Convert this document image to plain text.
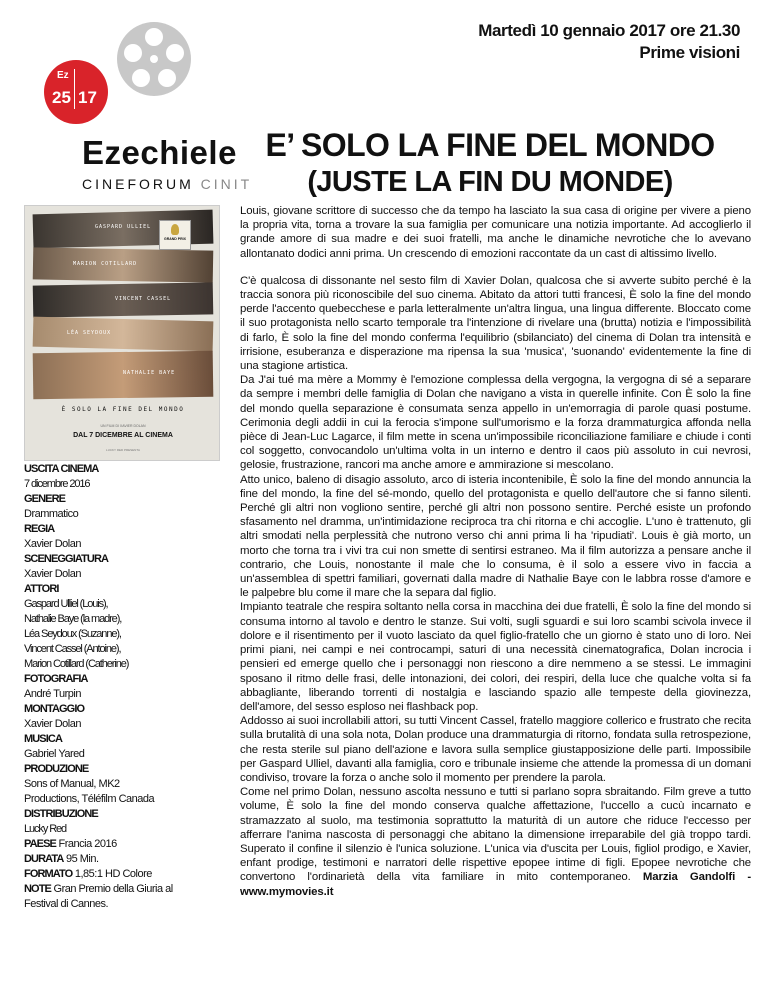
Martedì 10 gennaio 2017 ore 21.30
Prime visioni
Ez
25 17
Ezechiele
CINEFORUM CINIT
E’ SOLO LA FINE DEL MONDO
(JUSTE LA FIN DU MONDE)
GASPARD ULLIEL
MARION COTILLARD
VINCENT CASSEL
LÉA SEYDOUX
NATHALIE BAYE
GRAND PRIX
È SOLO LA FINE DEL MONDO
UN FILM DI XAVIER DOLAN
DAL 7 DICEMBRE AL CINEMA
LUCKY RED PRESENTA
USCITA CINEMA
7 dicembre 2016
GENERE
Drammatico
REGIA
Xavier Dolan
SCENEGGIATURA
Xavier Dolan
ATTORI
Gaspard Ulliel (Louis),
Nathalie Baye (la madre),
Léa Seydoux (Suzanne),
Vincent Cassel (Antoine),
Marion Cotillard (Catherine)
FOTOGRAFIA
André Turpin
MONTAGGIO
Xavier Dolan
MUSICA
Gabriel Yared
PRODUZIONE
Sons of Manual, MK2
Productions, Téléfilm Canada
DISTRIBUZIONE
Lucky Red
PAESE Francia 2016
DURATA 95 Min.
FORMATO 1,85:1 HD Colore
NOTE Gran Premio della Giuria al
Festival di Cannes.

Louis, giovane scrittore di successo che da tempo ha lasciato la sua casa di origine per vivere a pieno la propria vita, torna a trovare la sua famiglia per comunicare una notizia importante. Ad accoglierlo il grande amore di sua madre e dei suoi fratelli, ma anche le dinamiche nevrotiche che lo avevano allontanato dodici anni prima. Un crescendo di emozioni raccontate da un cast di altissimo livello.

C'è qualcosa di dissonante nel sesto film di Xavier Dolan, qualcosa che si avverte subito perché è la traccia sonora più riconoscibile del suo cinema. Abitato da attori tutti francesi, È solo la fine del mondo perde l'accento quebecchese e parla letteralmente un'altra lingua, una lingua differente. Bloccato come il suo protagonista nello scarto temporale tra l'intenzione di rivelare una (brutta) notizia e l'impossibilità di farlo, È solo la fine del mondo conferma l'equilibrio (sbilanciato) del cinema di Dolan tra intensità e irrisione, esuberanza e disperazione ma ripensa la sua 'musica', 'suonando' evidentemente la fine di una stagione artistica.

Da J'ai tué ma mère a Mommy è l'emozione complessa della vergogna, la vergogna di sé a separare da sempre i membri delle famiglia di Dolan che navigano a vista in querelle infinite. Con È solo la fine del mondo quella separazione è consumata senza appello in un'emorragia di parole quasi postume. Cerimonia degli addii in cui la ferocia s'impone sull'umorismo e la forza drammaturgica affonda nella pièce di Jean-Luc Lagarce, il film mette in scena un'impossibile riconciliazione familiare e chiude i conti col soggetto, convocandolo un'ultima volta in un interno e dentro il caos più assoluto in cui nevrosi, gelosie, frustrazione, rancori ma anche amore e ammirazione si mescolano.

Atto unico, baleno di disagio assoluto, arco di isteria incontenibile, È solo la fine del mondo annuncia la fine del mondo, la fine del sé-mondo, quello del protagonista e quello dell'autore che si fanno silenti. Perché gli altri non vogliono sentire, perché gli altri non possono sentire. Perché esiste un profondo sfasamento nel dramma, un'intimidazione reciproca tra chi ritorna e chi accoglie. L'uno è trattenuto, gli altri smodati nella perplessità che nutrono verso chi anni prima li ha 'ripudiati'. Louis è già morto, un morto che torna tra i vivi tra cui non smette di sentirsi estraneo. Ma il film autorizza a pensare anche il contrario, che Louis, nonostante il male che lo consuma, è il solo a essere vivo in faccia a un'assemblea di spettri familiari, governati dalla madre di Nathalie Baye con le labbra rosse d'amore e le palpebre blu come il mare che la separa dal figlio.

Impianto teatrale che respira soltanto nella corsa in macchina dei due fratelli, È solo la fine del mondo si consuma intorno al tavolo e dentro le stanze. Sui volti, sugli sguardi e sui loro scambi scivola invece il dolore e il risentimento per il vuoto lasciato da quel figlio-fratello che un giorno è stato uno di loro. Nei primi piani, nei campi e nei controcampi, saturi di una necessità cinematografica, Dolan incrocia i pensieri ed emerge quello che i personaggi non riescono a dire nemmeno a se stessi. Le immagini sposano il ritmo delle frasi, delle intonazioni, dei colori, dei respiri, della luce che qualche volta si fa abbagliante, liberando torrenti di nostalgia e lasciando spazio alle tempeste della giovinezza, dell'amore, del sesso esploso nei flashback pop.

Addosso ai suoi incrollabili attori, su tutti Vincent Cassel, fratello maggiore collerico e frustrato che recita sulla brutalità di una sola nota, Dolan produce una drammaturgia di ritorno, fondata sulla retrospezione, che resta sterile sul piano dell'azione e lavora sulla semplice giustapposizione delle parti. Impossibile per Gaspard Ulliel, davanti alla famiglia, coro e tribunale insieme che attende la promessa di un domani condiviso, trovare la forza o anche solo il momento per prendere la parola.

Come nel primo Dolan, nessuno ascolta nessuno e tutti si parlano sopra sbraitando. Film greve a tutto volume, È solo la fine del mondo conserva qualche affettazione, l'uccello a cucù incarnato e stramazzato al suolo, ma testimonia soprattutto la maturità di un autore che riduce l'eccesso per afferrare l'anima nascosta di personaggi che abitano la dimensione irreparabile del già troppo tardi. Superato il confine il silenzio è l'unica soluzione. L'unica via d'uscita per Louis, figliol prodigo, e Xavier, enfant prodige, testimoni e narratori delle rispettive epopee intime di figli. Epopee nevrotiche che convertono l'ordinarietà della vita familiare in mito contemporaneo. Marzia Gandolfi - www.mymovies.it
